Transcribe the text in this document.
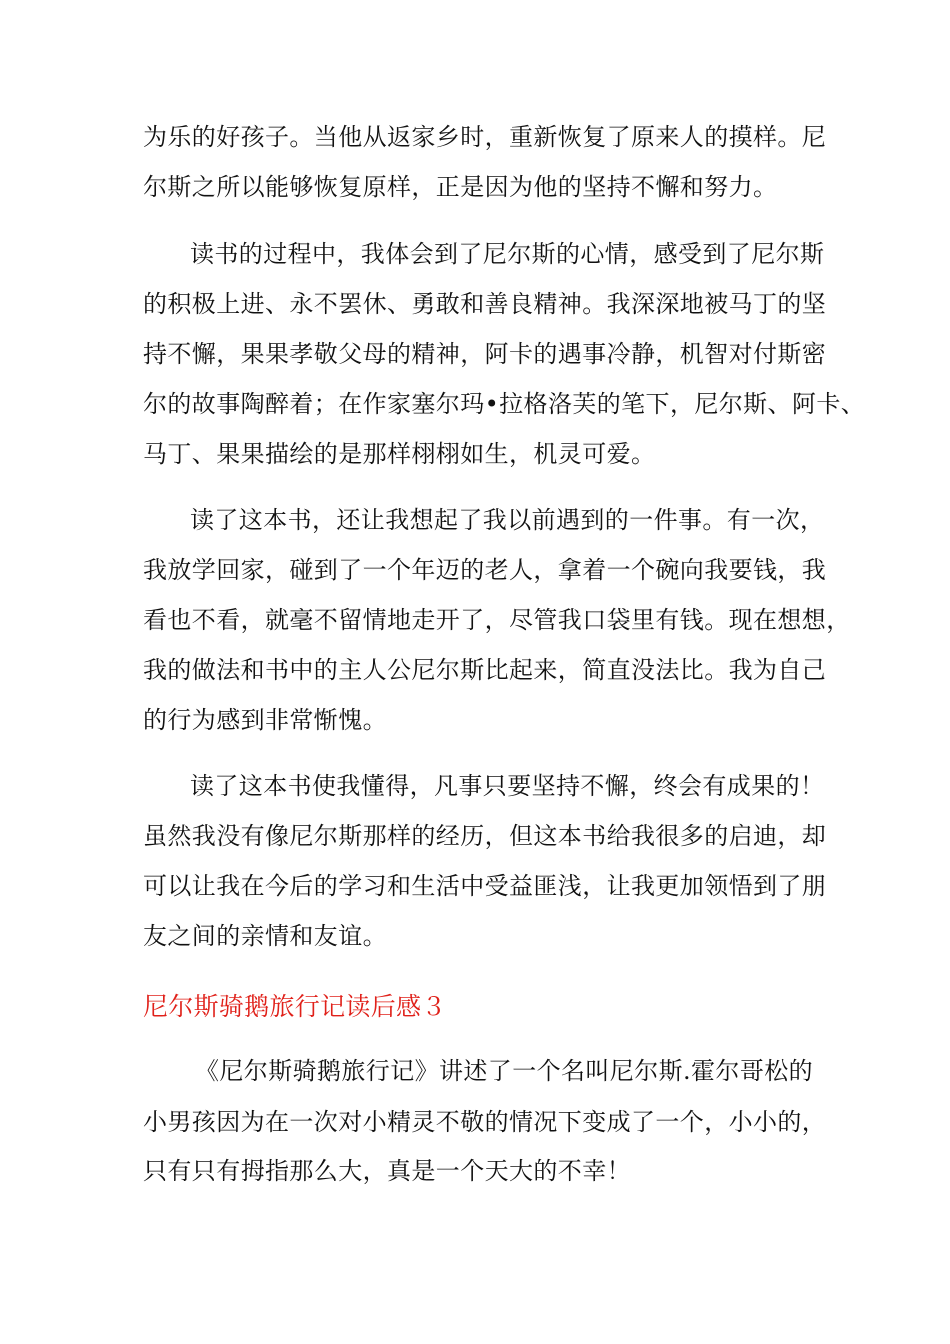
为乐的好孩子。当他从返家乡时，重新恢复了原来人的摸样。尼
尔斯之所以能够恢复原样，正是因为他的坚持不懈和努力。
读书的过程中，我体会到了尼尔斯的心情，感受到了尼尔斯
的积极上进、永不罢休、勇敢和善良精神。我深深地被马丁的坚
持不懈，果果孝敬父母的精神，阿卡的遇事冷静，机智对付斯密
尔的故事陶醉着；在作家塞尔玛•拉格洛芙的笔下，尼尔斯、阿卡、
马丁、果果描绘的是那样栩栩如生，机灵可爱。
读了这本书，还让我想起了我以前遇到的一件事。有一次，
我放学回家，碰到了一个年迈的老人，拿着一个碗向我要钱，我
看也不看，就毫不留情地走开了，尽管我口袋里有钱。现在想想，
我的做法和书中的主人公尼尔斯比起来，简直没法比。我为自己
的行为感到非常惭愧。
读了这本书使我懂得，凡事只要坚持不懈，终会有成果的！
虽然我没有像尼尔斯那样的经历，但这本书给我很多的启迪，却
可以让我在今后的学习和生活中受益匪浅，让我更加领悟到了朋
友之间的亲情和友谊。
尼尔斯骑鹅旅行记读后感３
《尼尔斯骑鹅旅行记》讲述了一个名叫尼尔斯.霍尔哥松的
小男孩因为在一次对小精灵不敬的情况下变成了一个，小小的，
只有只有拇指那么大，真是一个天大的不幸！
